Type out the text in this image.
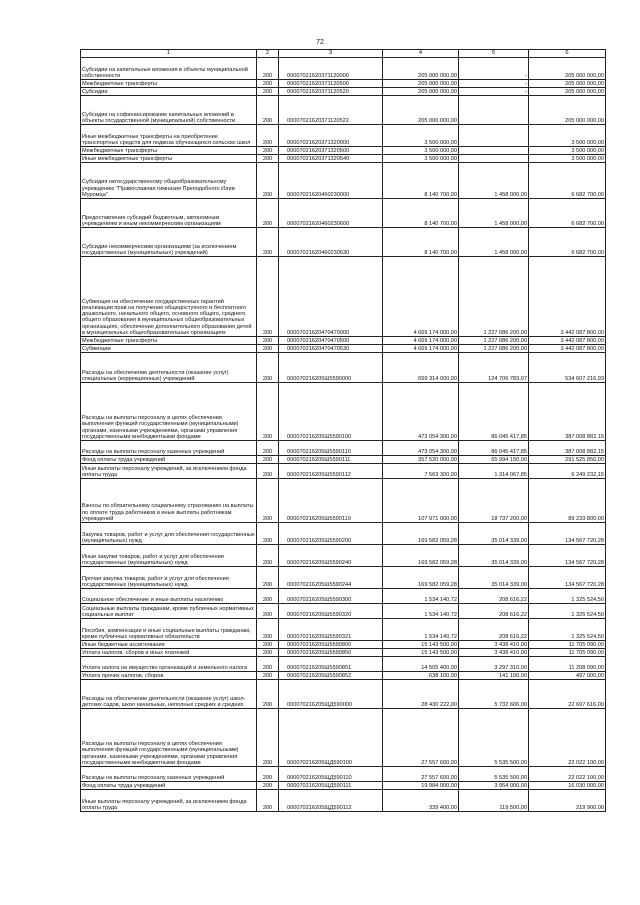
72
1	2	3	4	5	6
Субсидии на капитальные вложения в объекты муниципальной собственности	200	00007021620371120000	205 000 000,00	-	205 000 000,00
Межбюджетные трансферты	200	00007021620371120500	205 000 000,00	-	205 000 000,00
Субсидии	200	00007021620371120520	205 000 000,00	-	205 000 000,00
Субсидии на софинансирование капитальных вложений в объекты государственной (муниципальной) собственности	200	00007021620371120522	205 000 000,00		205 000 000,00
Иные межбюджетные трансферты на приобретение транспортных средств для подвоза обучающихся сельских школ	200	00007021620371320000	3 500 000,00		3 500 000,00
Межбюджетные трансферты	200	00007021620371320500	3 500 000,00		3 500 000,00
Иные межбюджетные трансферты	200	00007021620371320540	3 500 000,00		3 500 000,00
Субсидия негосударственному общеобразовательному учреждению "Православная гимназия Преподобного Илии Муромца"	200	00007021620460230000	8 140 700,00	1 458 000,00	6 682 700,00
Предоставление субсидий бюджетным, автономным учреждениям и иным некоммерческим организациям	200	00007021620460230600	8 140 700,00	1 458 000,00	6 682 700,00
Субсидии некоммерческим организациям (за исключением государственных (муниципальных) учреждений)	200	00007021620460230630	8 140 700,00	1 458 000,00	6 682 700,00
Субвенция на обеспечение государственных гарантий реализации прав на получение общедоступного и бесплатного дошкольного, начального общего, основного общего, среднего общего образования в муниципальных общеобразовательных организациях, обеспечение дополнительного образования детей в муниципальных общеобразовательных организациях	200	00007021620470470000	4 669 174 000,00	1 227 086 200,00	3 442 087 800,00
Межбюджетные трансферты	200	00007021620470470500	4 669 174 000,00	1 227 086 200,00	3 442 087 800,00
Субвенции	200	00007021620470470530	4 669 174 000,00	1 227 086 200,00	3 442 087 800,00
Расходы на обеспечение деятельности (оказание услуг) специальных (коррекционных) учреждений	200	000070216205Ш5590000	659 314 000,00	124 706 783,07	534 607 216,93
Расходы на выплаты персоналу в целях обеспечения выполнения функций государственными (муниципальными) органами, казенными учреждениями, органами управления государственными внебюджетными фондами	200	000070216205Ш5590100	473 054 300,00	86 045 417,85	387 008 882,15
Расходы на выплаты персоналу казенных учреждений	200	000070216205Ш5590110	473 054 300,00	86 045 417,85	387 008 882,15
Фонд оплаты труда учреждений	200	000070216205Ш5590111	357 520 000,00	65 994 150,00	291 525 850,00
Иные выплаты персоналу учреждений, за исключением фонда оплаты труда	200	000070216205Ш5590112	7 563 300,00	1 314 067,85	6 249 232,15
Взносы по обязательному социальному страхованию на выплаты по оплате труда работников и иные выплаты работникам учреждений	200	000070216205Ш5590119	107 971 000,00	18 737 200,00	89 233 800,00
Закупка товаров, работ и услуг для обеспечения государственных (муниципальных) нужд	200	000070216205Ш5590200	169 582 059,28	35 014 339,00	134 567 720,28
Иные закупки товаров, работ и услуг для обеспечения государственных (муниципальных) нужд	200	000070216205Ш5590240	169 582 059,28	35 014 339,00	134 567 720,28
Прочая закупка товаров, работ и услуг для обеспечения государственных (муниципальных) нужд	200	000070216205Ш5590244	169 582 059,28	35 014 339,00	134 567 720,28
Социальное обеспечение и иные выплаты населению	200	000070216205Ш5590300	1 534 140,72	208 616,22	1 325 524,50
Социальные выплаты гражданам, кроме публичных нормативных социальных выплат	200	000070216205Ш5590320	1 534 140,72	208 616,22	1 325 524,50
Пособия, компенсации и иные социальные выплаты гражданам, кроме публичных нормативных обязательств	200	000070216205Ш5590321	1 534 140,72	208 616,22	1 325 524,50
Иные бюджетные ассигнования	200	000070216205Ш5590800	15 143 500,00	3 438 410,00	11 705 090,00
Уплата налогов, сборов и иных платежей	200	000070216205Ш5590850	15 143 500,00	3 438 410,00	11 705 090,00
Уплата налога на имущество организаций и земельного налога	200	000070216205Ш5590851	14 505 400,00	3 297 310,00	11 208 090,00
Уплата прочих налогов, сборов	200	000070216205Ш5590852	638 100,00	141 100,00	497 000,00
Расходы на обеспечение деятельности (оказание услуг) школ-детских садов, школ начальных, неполных средних и средних	200	000070216205ЩД590000	28 430 222,00	5 732 606,00	22 697 616,00
Расходы на выплаты персоналу в целях обеспечения выполнения функций государственными (муниципальными) органами, казенными учреждениями, органами управления государственными внебюджетными фондами	200	000070216205ЩД590100	27 557 600,00	5 535 500,00	22 022 100,00
Расходы на выплаты персоналу казенных учреждений	200	000070216205ЩД590110	27 557 600,00	5 535 500,00	22 022 100,00
Фонд оплаты труда учреждений	200	000070216205ЩД590111	19 984 000,00	3 954 000,00	16 030 000,00
Иные выплаты персоналу учреждений, за исключением фонда оплаты труда	200	000070216205ЩД590112	339 400,00	119 500,00	219 900,00
